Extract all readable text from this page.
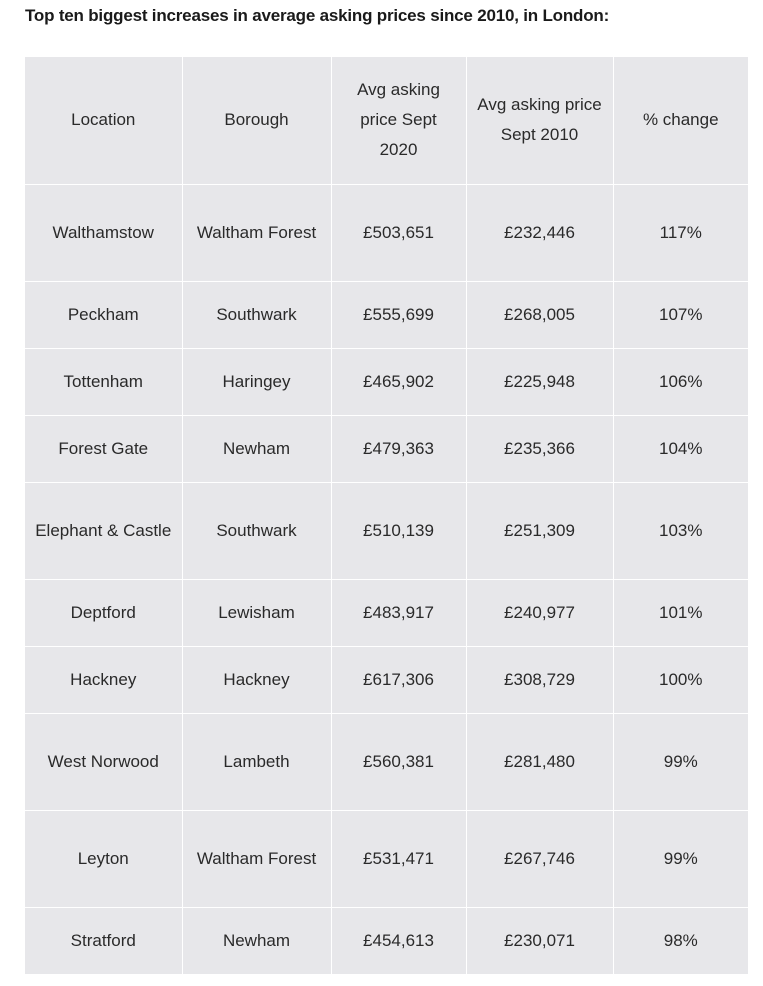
Top ten biggest increases in average asking prices since 2010, in London:
Location	Borough	Avg asking price Sept 2020	Avg asking price Sept 2010	% change
Walthamstow	Waltham Forest	£503,651	£232,446	117%
Peckham	Southwark	£555,699	£268,005	107%
Tottenham	Haringey	£465,902	£225,948	106%
Forest Gate	Newham	£479,363	£235,366	104%
Elephant & Castle	Southwark	£510,139	£251,309	103%
Deptford	Lewisham	£483,917	£240,977	101%
Hackney	Hackney	£617,306	£308,729	100%
West Norwood	Lambeth	£560,381	£281,480	99%
Leyton	Waltham Forest	£531,471	£267,746	99%
Stratford	Newham	£454,613	£230,071	98%
